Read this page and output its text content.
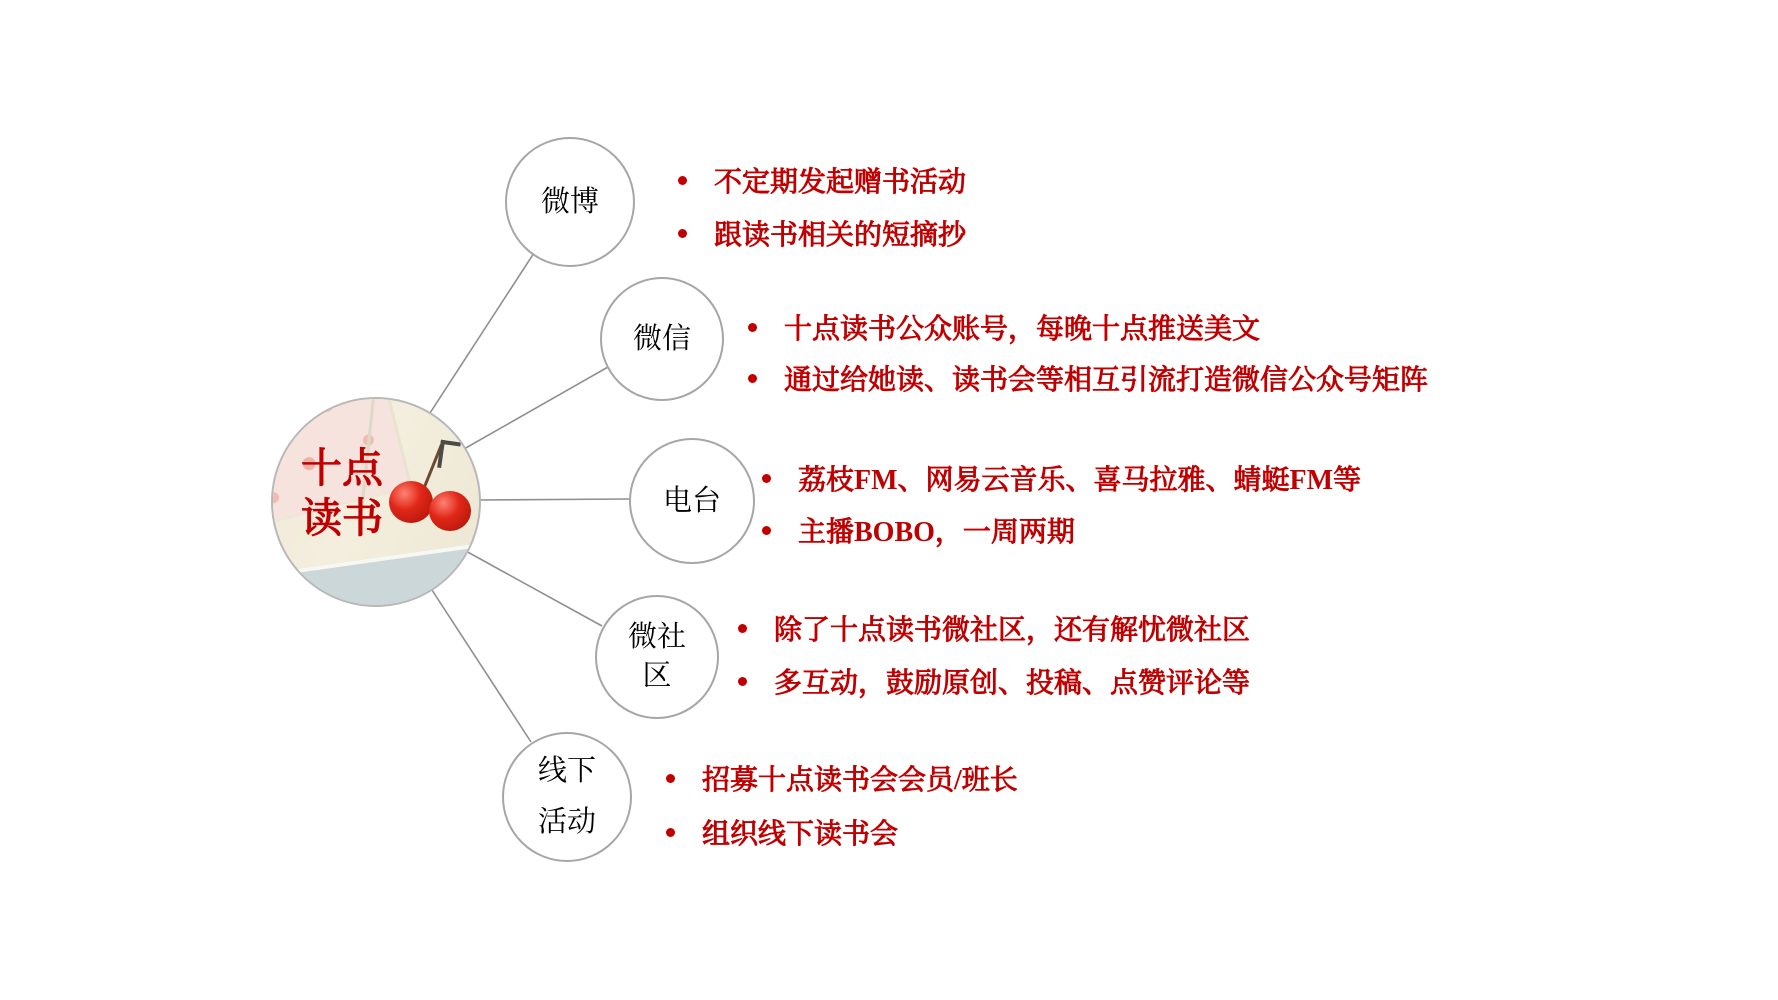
十点
读书
微博
微信
电台
微社
区
线下
活动
不定期发起赠书活动
跟读书相关的短摘抄
十点读书公众账号，每晚十点推送美文
通过给她读、读书会等相互引流打造微信公众号矩阵
荔枝FM、网易云音乐、喜马拉雅、蜻蜓FM等
主播BOBO，一周两期
除了十点读书微社区，还有解忧微社区
多互动，鼓励原创、投稿、点赞评论等
招募十点读书会会员/班长
组织线下读书会
